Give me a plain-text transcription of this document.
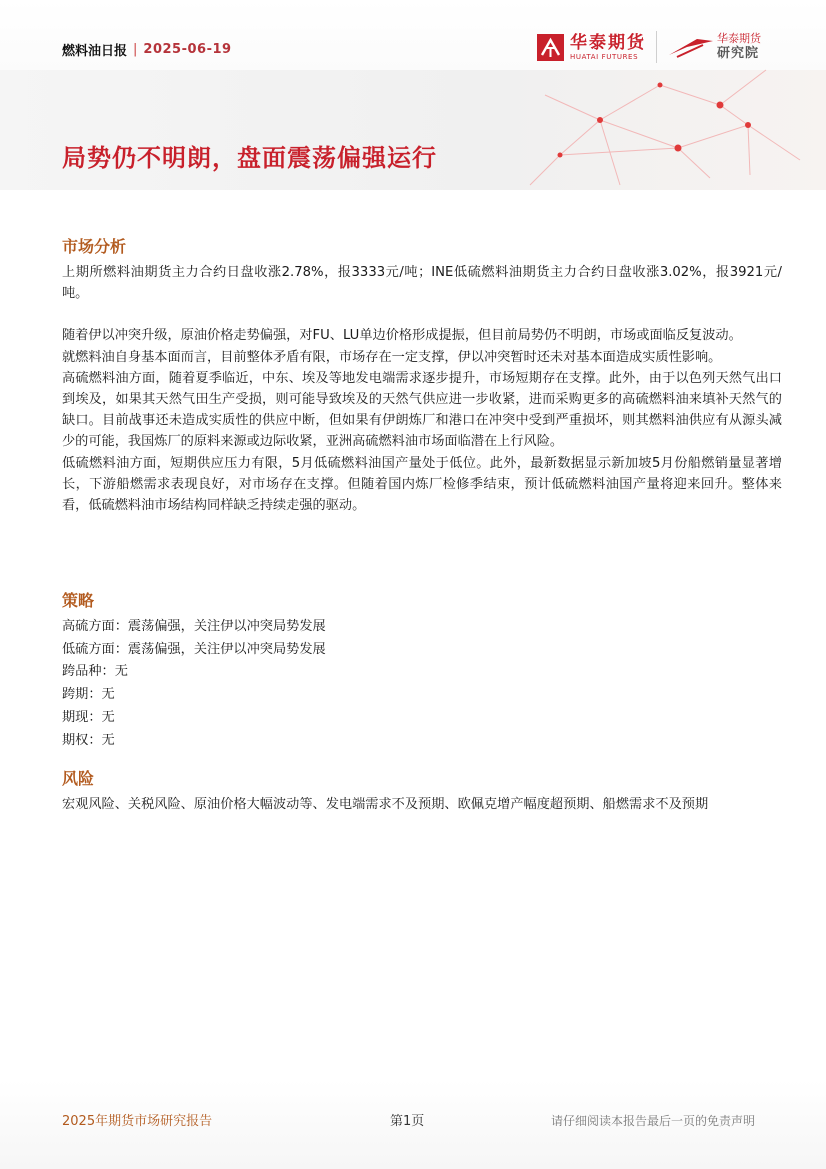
燃料油日报 | 2025-06-19	华泰期货
HUATAI FUTURES
华泰期货
研究院
局势仍不明朗，盘面震荡偏强运行
市场分析

上期所燃料油期货主力合约日盘收涨2.78%，报3333元/吨；INE低硫燃料油期货主力合约日盘收涨3.02%，报3921元/吨。

随着伊以冲突升级，原油价格走势偏强，对FU、LU单边价格形成提振，但目前局势仍不明朗，市场或面临反复波动。

就燃料油自身基本面而言，目前整体矛盾有限，市场存在一定支撑，伊以冲突暂时还未对基本面造成实质性影响。

高硫燃料油方面，随着夏季临近，中东、埃及等地发电端需求逐步提升，市场短期存在支撑。此外，由于以色列天然气出口到埃及，如果其天然气田生产受损，则可能导致埃及的天然气供应进一步收紧，进而采购更多的高硫燃料油来填补天然气的缺口。目前战事还未造成实质性的供应中断，但如果有伊朗炼厂和港口在冲突中受到严重损坏，则其燃料油供应有从源头减少的可能，我国炼厂的原料来源或边际收紧，亚洲高硫燃料油市场面临潜在上行风险。

低硫燃料油方面，短期供应压力有限，5月低硫燃料油国产量处于低位。此外，最新数据显示新加坡5月份船燃销量显著增长，下游船燃需求表现良好，对市场存在支撑。但随着国内炼厂检修季结束，预计低硫燃料油国产量将迎来回升。整体来看，低硫燃料油市场结构同样缺乏持续走强的驱动。

策略
高硫方面：震荡偏强，关注伊以冲突局势发展
低硫方面：震荡偏强，关注伊以冲突局势发展
跨品种：无
跨期：无
期现：无
期权：无
风险

宏观风险、关税风险、原油价格大幅波动等、发电端需求不及预期、欧佩克增产幅度超预期、船燃需求不及预期

2025年期货市场研究报告	第1页	请仔细阅读本报告最后一页的免责声明
